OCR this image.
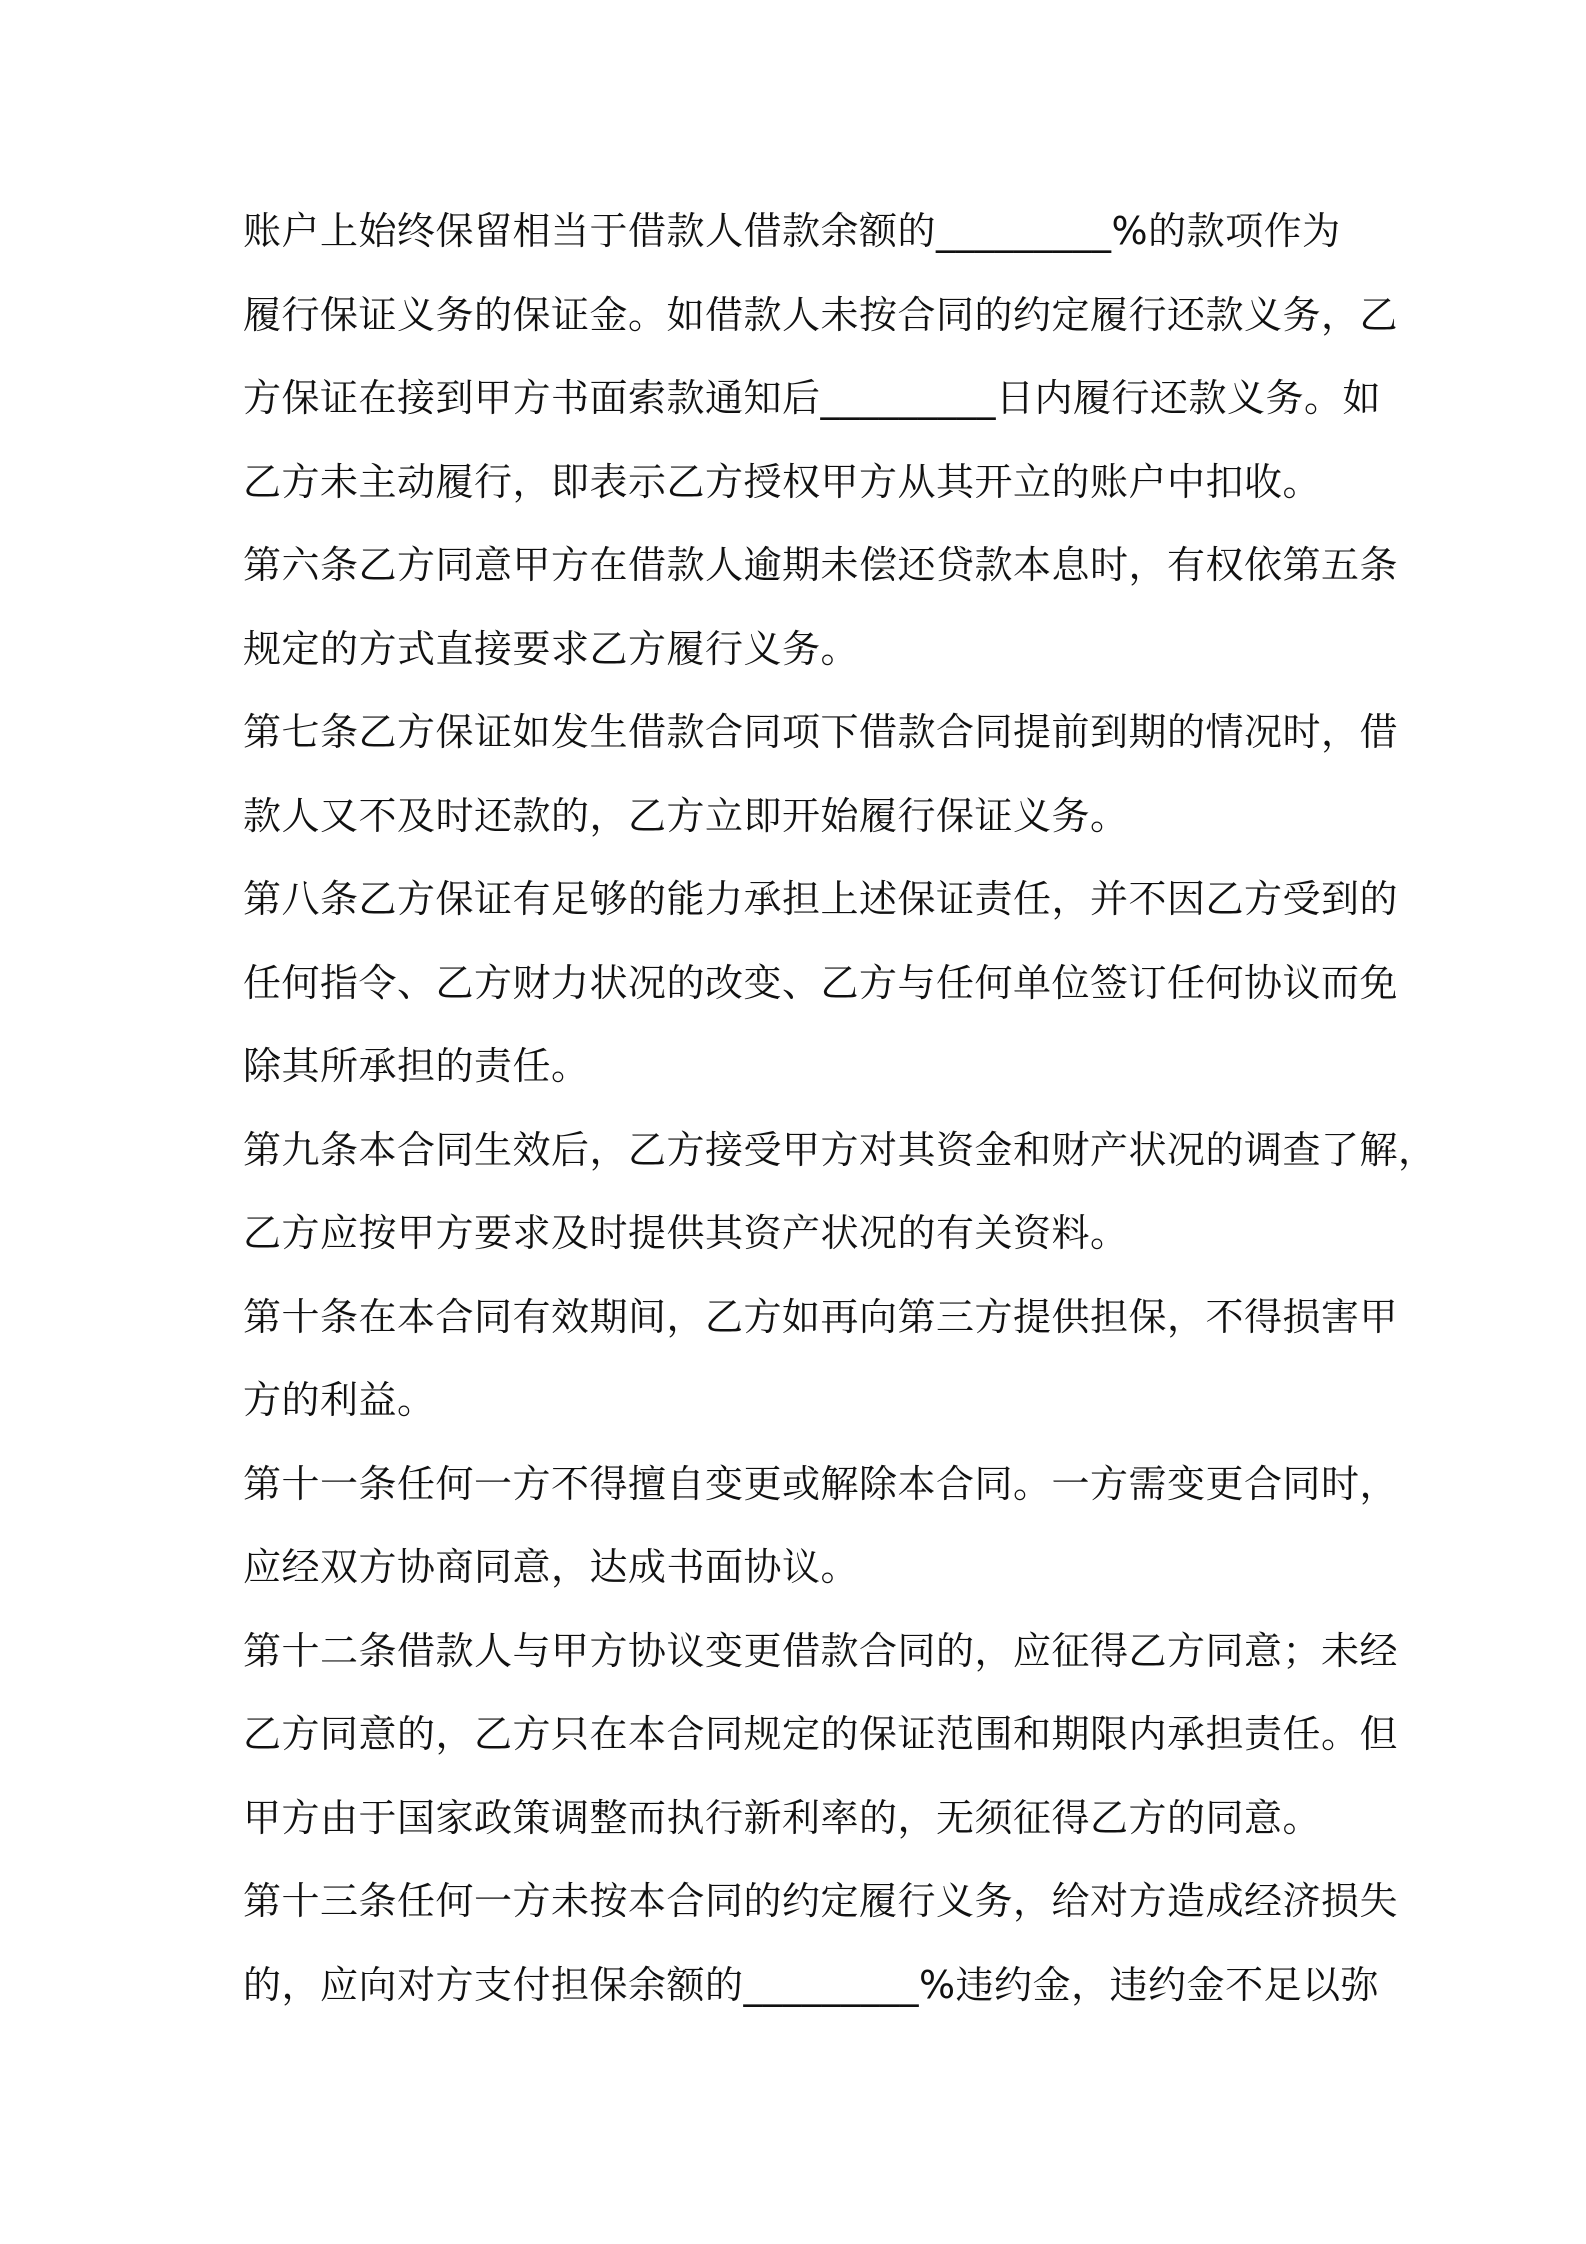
账户上始终保留相当于借款人借款余额的_________%的款项作为
履行保证义务的保证金。如借款人未按合同的约定履行还款义务，乙
方保证在接到甲方书面索款通知后_________日内履行还款义务。如
乙方未主动履行，即表示乙方授权甲方从其开立的账户中扣收。
第六条乙方同意甲方在借款人逾期未偿还贷款本息时，有权依第五条
规定的方式直接要求乙方履行义务。
第七条乙方保证如发生借款合同项下借款合同提前到期的情况时，借
款人又不及时还款的，乙方立即开始履行保证义务。
第八条乙方保证有足够的能力承担上述保证责任，并不因乙方受到的
任何指令、乙方财力状况的改变、乙方与任何单位签订任何协议而免
除其所承担的责任。
第九条本合同生效后，乙方接受甲方对其资金和财产状况的调查了解，
乙方应按甲方要求及时提供其资产状况的有关资料。
第十条在本合同有效期间，乙方如再向第三方提供担保，不得损害甲
方的利益。
第十一条任何一方不得擅自变更或解除本合同。一方需变更合同时，
应经双方协商同意，达成书面协议。
第十二条借款人与甲方协议变更借款合同的，应征得乙方同意；未经
乙方同意的，乙方只在本合同规定的保证范围和期限内承担责任。但
甲方由于国家政策调整而执行新利率的，无须征得乙方的同意。
第十三条任何一方未按本合同的约定履行义务，给对方造成经济损失
的，应向对方支付担保余额的_________%违约金，违约金不足以弥
